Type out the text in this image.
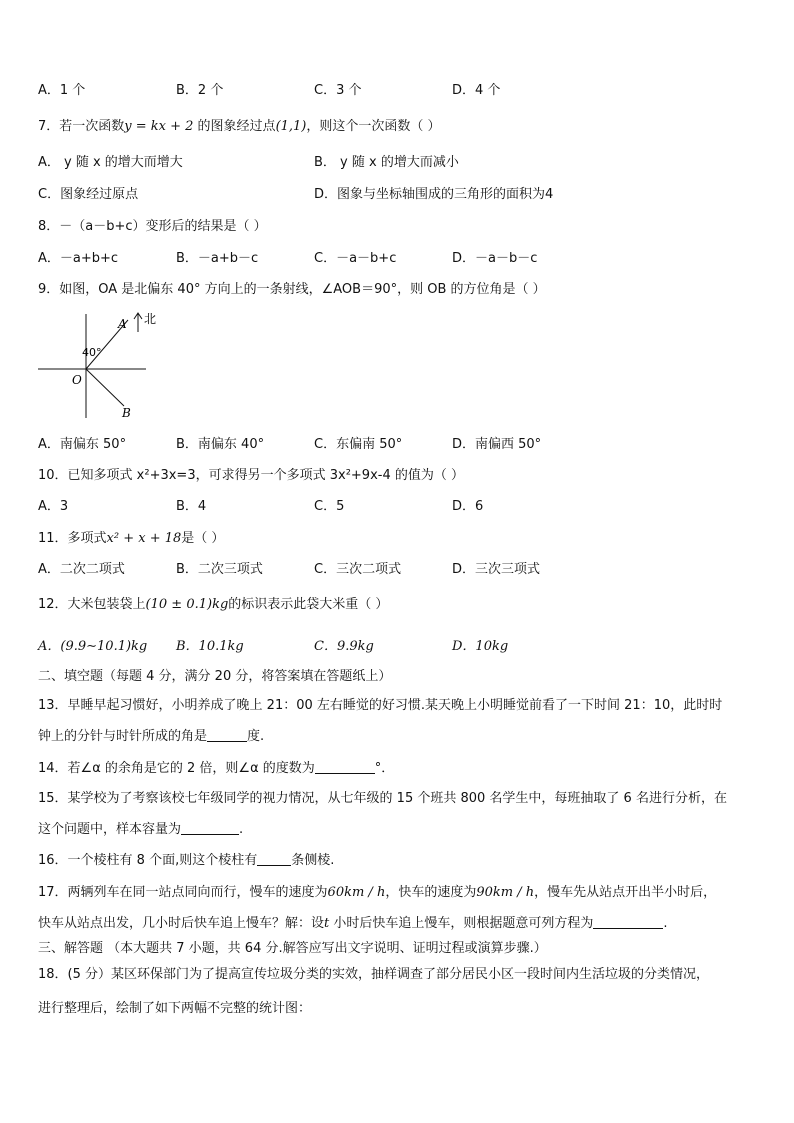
A．1 个	B．2 个	C．3 个	D．4 个
7．若一次函数y = kx + 2 的图象经过点(1,1)，则这个一次函数（ ）
A． y 随 x 的增大而增大	B． y 随 x 的增大而减小
C．图象经过原点	D．图象与坐标轴围成的三角形的面积为4
8．－（a－b+c）变形后的结果是（ ）
A．－a+b+c	B．－a+b－c	C．－a－b+c	D．－a－b－c
9．如图，OA 是北偏东 40° 方向上的一条射线，∠AOB＝90°，则 OB 的方位角是（ ）
A 北
40°
O
B
A．南偏东 50°	B．南偏东 40°	C．东偏南 50°	D．南偏西 50°
10．已知多项式 x²+3x=3，可求得另一个多项式 3x²+9x-4 的值为（ ）
A．3	B．4	C．5	D．6
11．多项式x² + x + 18是（ ）
A．二次二项式	B．二次三项式	C．三次二项式	D．三次三项式
12．大米包装袋上(10 ± 0.1)kg的标识表示此袋大米重（ ）
A．(9.9∼10.1)kg B．10.1kg	C．9.9kg	D．10kg
二、填空题（每题 4 分，满分 20 分，将答案填在答题纸上）
13．早睡早起习惯好，小明养成了晚上 21：00 左右睡觉的好习惯.某天晚上小明睡觉前看了一下时间 21：10，此时时
钟上的分针与时针所成的角是	度.
14．若∠α 的余角是它的 2 倍，则∠α 的度数为	°．
15．某学校为了考察该校七年级同学的视力情况，从七年级的 15 个班共 800 名学生中，每班抽取了 6 名进行分析，在
这个问题中，样本容量为	.
16．一个棱柱有 8 个面,则这个棱柱有	条侧棱.
17．两辆列车在同一站点同向而行，慢车的速度为60km / h，快车的速度为90km / h，慢车先从站点开出半小时后，
快车从站点出发，几小时后快车追上慢车？解：设t 小时后快车追上慢车，则根据题意可列方程为	.
三、解答题 （本大题共 7 小题，共 64 分.解答应写出文字说明、证明过程或演算步骤.）
18．(5 分）某区环保部门为了提高宣传垃圾分类的实效，抽样调查了部分居民小区一段时间内生活垃圾的分类情况，
进行整理后，绘制了如下两幅不完整的统计图：
